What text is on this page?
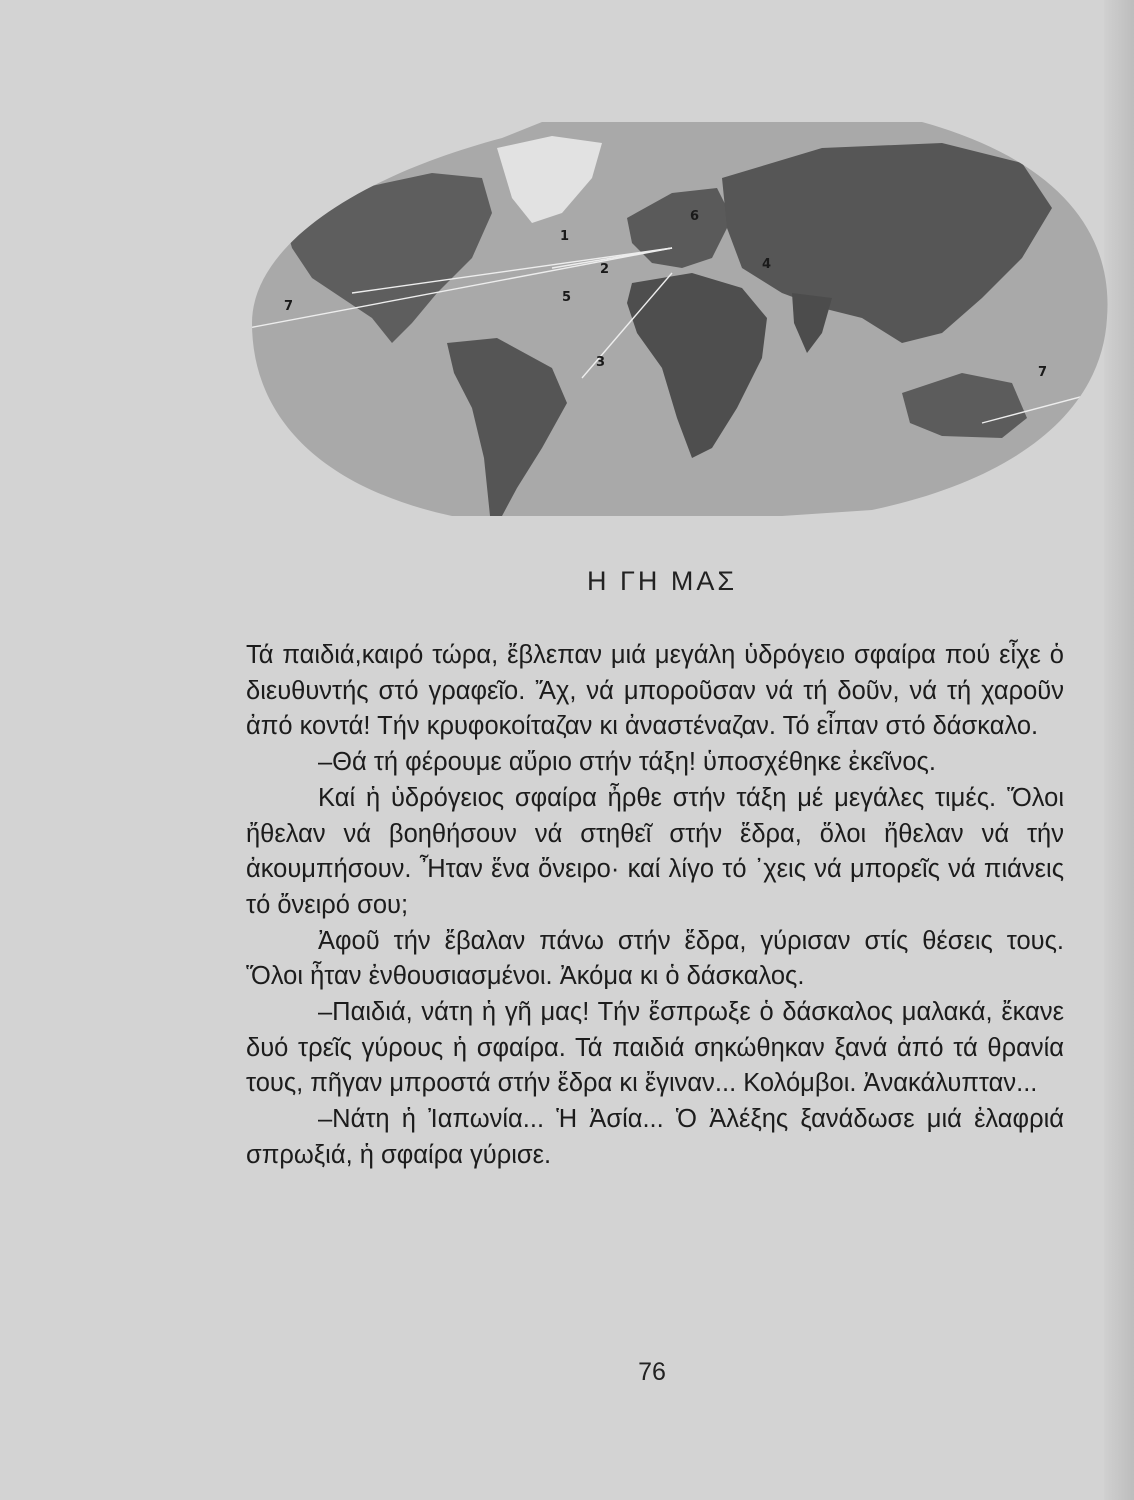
1
2
3
4
5
6
7
7
Η ΓΗ ΜΑΣ

Τά παιδιά,καιρό τώρα, ἔβλεπαν μιά μεγάλη ὑδρόγειο σφαίρα πού εἶχε ὁ διευθυντής στό γραφεῖο. Ἄχ, νά μποροῦσαν νά τή δοῦν, νά τή χαροῦν ἀπό κοντά! Τήν κρυφοκοίταζαν κι ἀναστέναζαν. Τό εἶπαν στό δάσκαλο.

–Θά τή φέρουμε αὔριο στήν τάξη! ὑποσχέθηκε ἐκεῖνος.

Καί ἡ ὑδρόγειος σφαίρα ἦρθε στήν τάξη μέ μεγάλες τιμές. Ὅλοι ἤθελαν νά βοηθήσουν νά στηθεῖ στήν ἕδρα, ὅλοι ἤθελαν νά τήν ἀκουμπήσουν. Ἦταν ἕνα ὄνειρο· καί λίγο τό ᾽χεις νά μπορεῖς νά πιάνεις τό ὄνειρό σου;

Ἀφοῦ τήν ἔβαλαν πάνω στήν ἕδρα, γύρισαν στίς θέσεις τους. Ὅλοι ἦταν ἐνθουσιασμένοι. Ἀκόμα κι ὁ δάσκαλος.

–Παιδιά, νάτη ἡ γῆ μας! Τήν ἔσπρωξε ὁ δάσκαλος μαλακά, ἔκανε δυό τρεῖς γύρους ἡ σφαίρα. Τά παιδιά σηκώθηκαν ξανά ἀπό τά θρανία τους, πῆγαν μπροστά στήν ἕδρα κι ἔγιναν... Κολόμβοι. Ἀνακάλυπταν...

–Νάτη ἡ Ἰαπωνία... Ἡ Ἀσία... Ὁ Ἀλέξης ξανάδωσε μιά ἐλαφριά σπρωξιά, ἡ σφαίρα γύρισε.

76
